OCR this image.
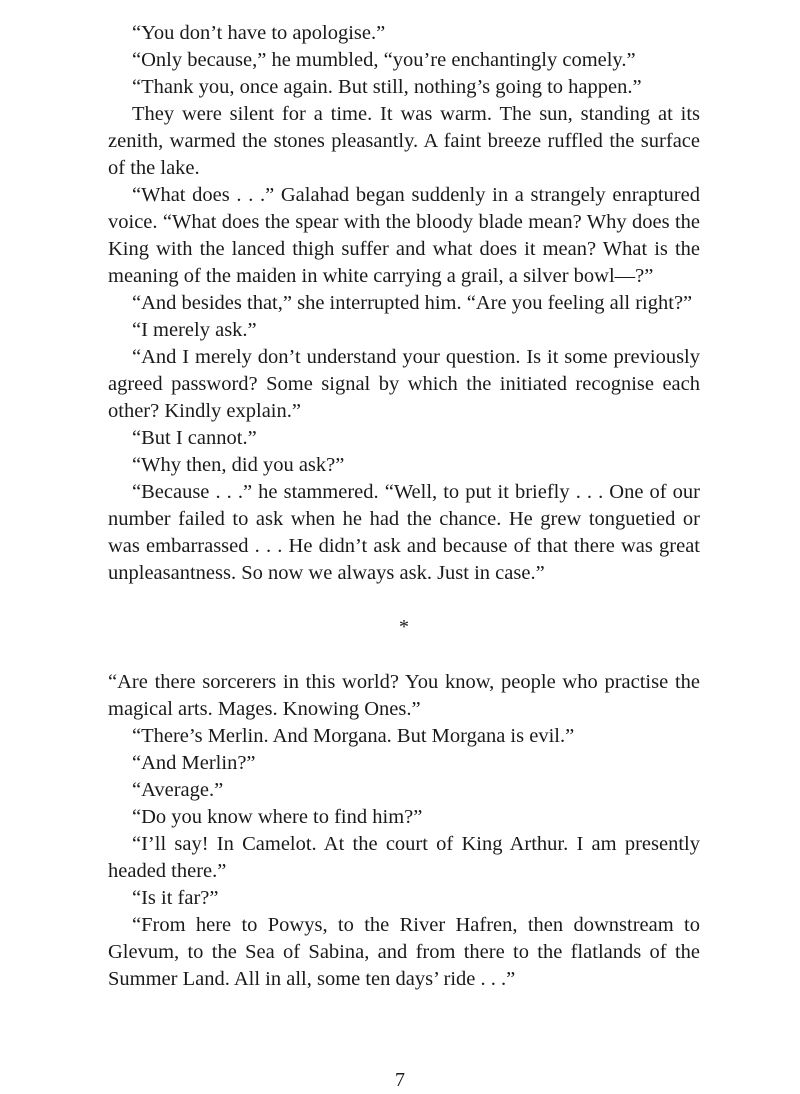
“You don’t have to apologise.”

“Only because,” he mumbled, “you’re enchantingly comely.”

“Thank you, once again. But still, nothing’s going to happen.”

They were silent for a time. It was warm. The sun, standing at its zenith, warmed the stones pleasantly. A faint breeze ruffled the surface of the lake.

“What does . . .” Galahad began suddenly in a strangely enraptured voice. “What does the spear with the bloody blade mean? Why does the King with the lanced thigh suffer and what does it mean? What is the meaning of the maiden in white carrying a grail, a silver bowl—?”

“And besides that,” she interrupted him. “Are you feeling all right?”

“I merely ask.”

“And I merely don’t understand your question. Is it some previously agreed password? Some signal by which the initiated recognise each other? Kindly explain.”

“But I cannot.”

“Why then, did you ask?”

“Because . . .” he stammered. “Well, to put it briefly . . . One of our number failed to ask when he had the chance. He grew tonguetied or was embarrassed . . . He didn’t ask and because of that there was great unpleasantness. So now we always ask. Just in case.”

*

“Are there sorcerers in this world? You know, people who practise the magical arts. Mages. Knowing Ones.”

“There’s Merlin. And Morgana. But Morgana is evil.”

“And Merlin?”

“Average.”

“Do you know where to find him?”

“I’ll say! In Camelot. At the court of King Arthur. I am presently headed there.”

“Is it far?”

“From here to Powys, to the River Hafren, then downstream to Glevum, to the Sea of Sabina, and from there to the flatlands of the Summer Land. All in all, some ten days’ ride . . .”

7
